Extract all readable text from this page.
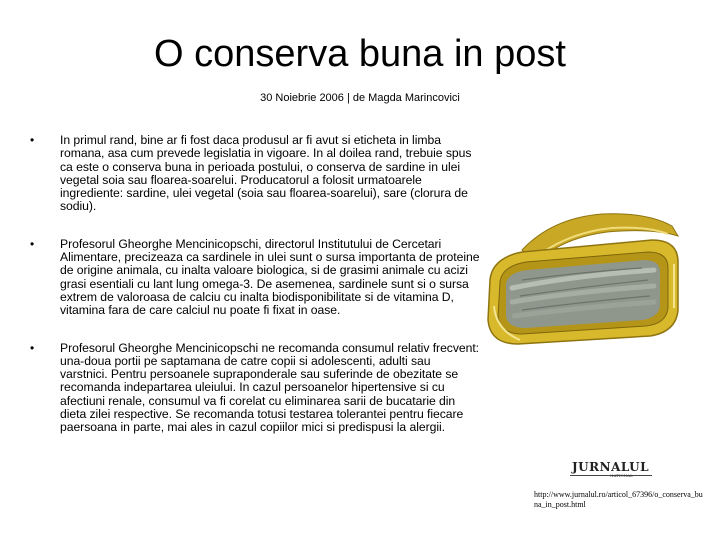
O conserva buna in post
30 Noiebrie 2006 | de Magda Marincovici
• In primul rand, bine ar fi fost daca produsul ar fi avut si eticheta in limba romana, asa cum prevede legislatia in vigoare. In al doilea rand, trebuie spus ca este o conserva buna in perioada postului, o conserva de sardine in ulei vegetal soia sau floarea-soarelui. Producatorul a folosit urmatoarele ingrediente: sardine, ulei vegetal (soia sau floarea-soarelui), sare (clorura de sodiu).
• Profesorul Gheorghe Mencinicopschi, directorul Institutului de Cercetari Alimentare, precizeaza ca sardinele in ulei sunt o sursa importanta de proteine de origine animala, cu inalta valoare biologica, si de grasimi animale cu acizi grasi esentiali cu lant lung omega-3. De asemenea, sardinele sunt si o sursa extrem de valoroasa de calciu cu inalta biodisponibilitate si de vitamina D, vitamina fara de care calciul nu poate fi fixat in oase.
• Profesorul Gheorghe Mencinicopschi ne recomanda consumul relativ frecvent: una-doua portii pe saptamana de catre copii si adolescenti, adulti sau varstnici. Pentru persoanele supraponderale sau suferinde de obezitate se recomanda indepartarea uleiului. In cazul persoanelor hipertensive si cu afectiuni renale, consumul va fi corelat cu eliminarea sarii de bucatarie din dieta zilei respective. Se recomanda totusi testarea tolerantei pentru fiecare paersoana in parte, mai ales in cazul copiilor mici si predispusi la alergii.
JURNALUL
NATIONAL
http://www.jurnalul.ro/articol_67396/o_conserva_buna_in_post.html
